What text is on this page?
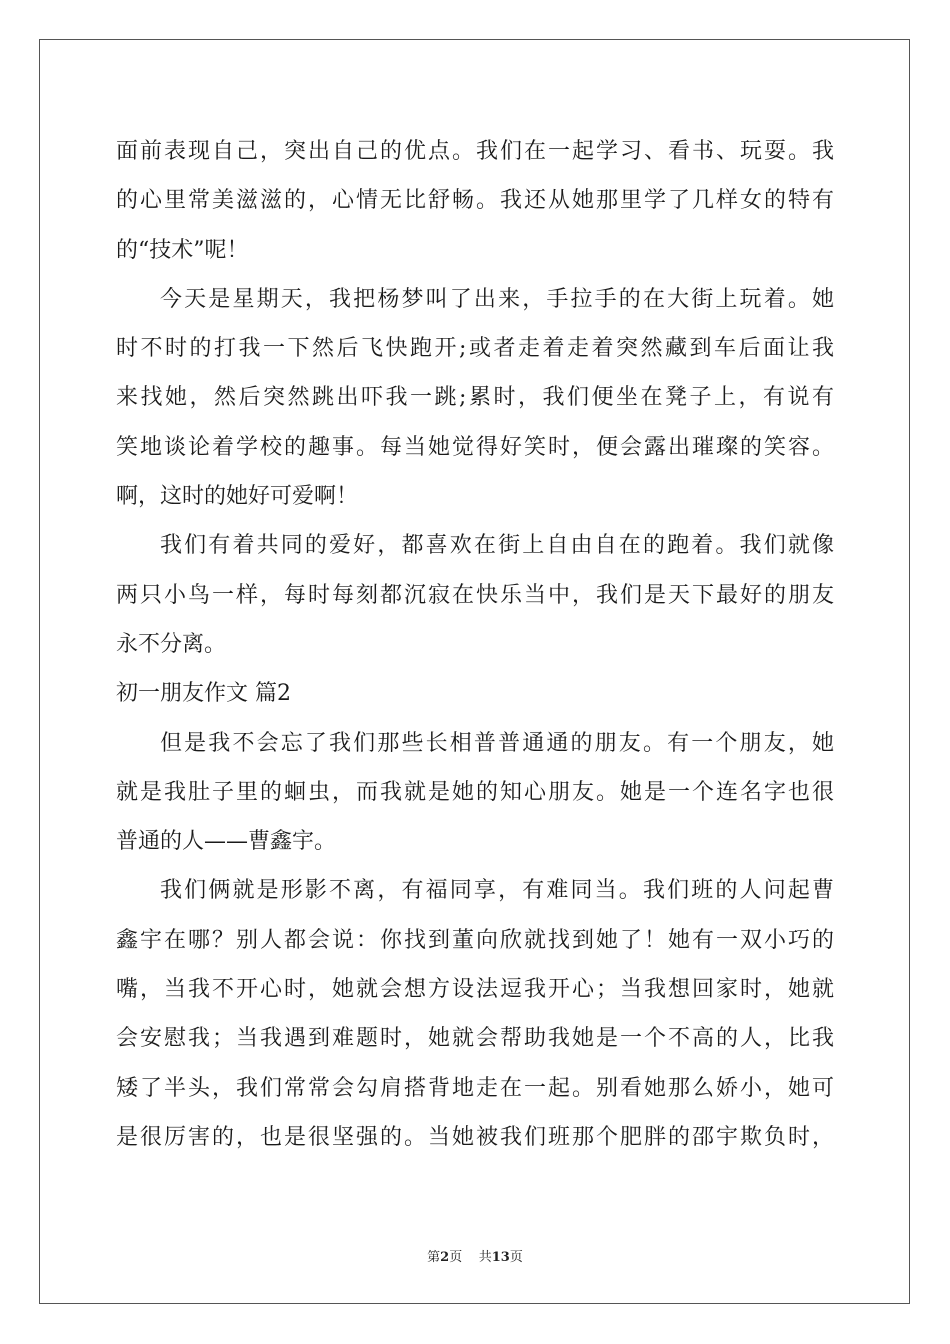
面前表现自己，突出自己的优点。我们在一起学习、看书、玩耍。我
的心里常美滋滋的，心情无比舒畅。我还从她那里学了几样女的特有
的“技术”呢！
今天是星期天，我把杨梦叫了出来，手拉手的在大街上玩着。她
时不时的打我一下然后飞快跑开;或者走着走着突然藏到车后面让我
来找她，然后突然跳出吓我一跳;累时，我们便坐在凳子上，有说有
笑地谈论着学校的趣事。每当她觉得好笑时，便会露出璀璨的笑容。
啊，这时的她好可爱啊！
我们有着共同的爱好，都喜欢在街上自由自在的跑着。我们就像
两只小鸟一样，每时每刻都沉寂在快乐当中，我们是天下最好的朋友
永不分离。
初一朋友作文 篇2
但是我不会忘了我们那些长相普普通通的朋友。有一个朋友，她
就是我肚子里的蛔虫，而我就是她的知心朋友。她是一个连名字也很
普通的人——曹鑫宇。
我们俩就是形影不离，有福同享，有难同当。我们班的人问起曹
鑫宇在哪？别人都会说：你找到董向欣就找到她了！她有一双小巧的
嘴，当我不开心时，她就会想方设法逗我开心；当我想回家时，她就
会安慰我；当我遇到难题时，她就会帮助我她是一个不高的人，比我
矮了半头，我们常常会勾肩搭背地走在一起。别看她那么娇小，她可
是很厉害的，也是很坚强的。当她被我们班那个肥胖的邵宇欺负时，
第2页 共13页
